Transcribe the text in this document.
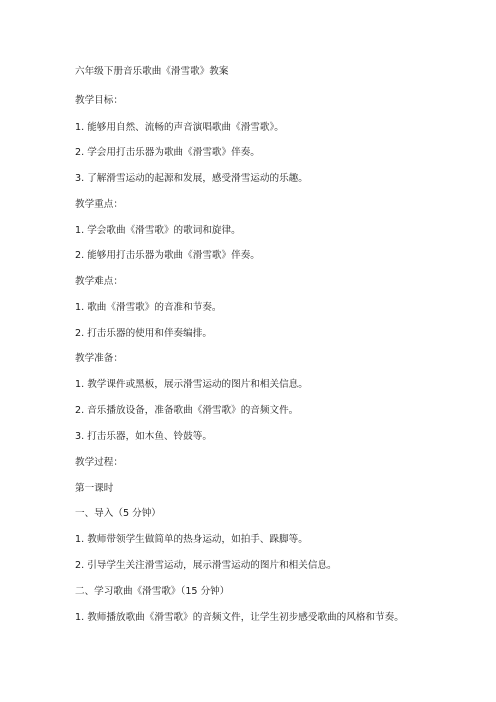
六年级下册音乐歌曲《滑雪歌》教案
教学目标：
1. 能够用自然、流畅的声音演唱歌曲《滑雪歌》。
2. 学会用打击乐器为歌曲《滑雪歌》伴奏。
3. 了解滑雪运动的起源和发展，感受滑雪运动的乐趣。
教学重点：
1. 学会歌曲《滑雪歌》的歌词和旋律。
2. 能够用打击乐器为歌曲《滑雪歌》伴奏。
教学难点：
1. 歌曲《滑雪歌》的音准和节奏。
2. 打击乐器的使用和伴奏编排。
教学准备：
1. 教学课件或黑板，展示滑雪运动的图片和相关信息。
2. 音乐播放设备，准备歌曲《滑雪歌》的音频文件。
3. 打击乐器，如木鱼、铃鼓等。
教学过程：
第一课时
一、导入（5 分钟）
1. 教师带领学生做简单的热身运动，如拍手、跺脚等。
2. 引导学生关注滑雪运动，展示滑雪运动的图片和相关信息。
二、学习歌曲《滑雪歌》（15 分钟）
1. 教师播放歌曲《滑雪歌》的音频文件，让学生初步感受歌曲的风格和节奏。
